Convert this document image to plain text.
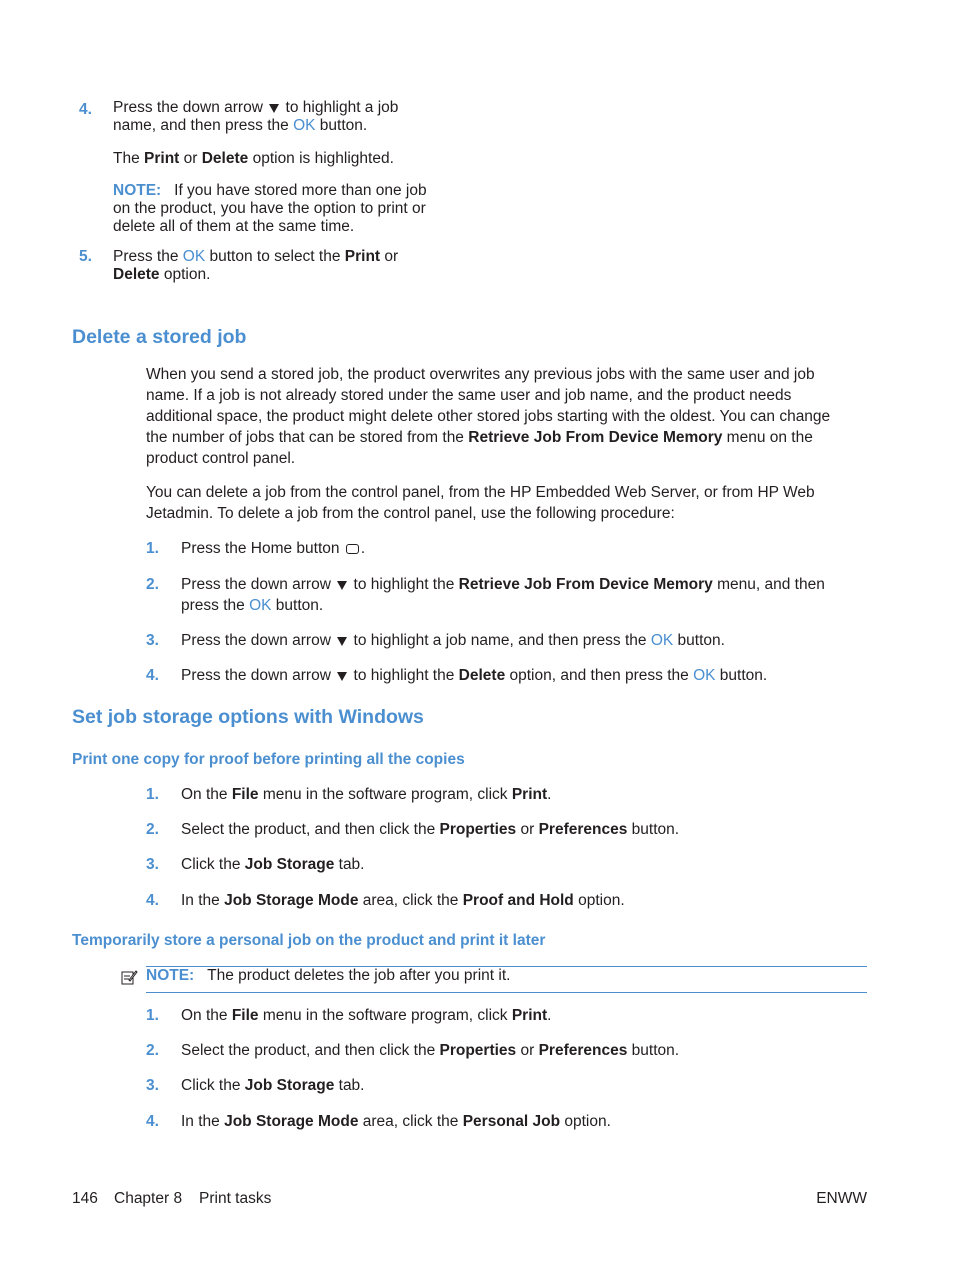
4.	Press the down arrow  to highlight a job
name, and then press the OK button.
The Print or Delete option is highlighted.
NOTE: If you have stored more than one job
on the product, you have the option to print or
delete all of them at the same time.
5.	Press the OK button to select the Print or
Delete option.
Delete a stored job
When you send a stored job, the product overwrites any previous jobs with the same user and job
name. If a job is not already stored under the same user and job name, and the product needs
additional space, the product might delete other stored jobs starting with the oldest. You can change
the number of jobs that can be stored from the Retrieve Job From Device Memory menu on the
product control panel.
You can delete a job from the control panel, from the HP Embedded Web Server, or from HP Web
Jetadmin. To delete a job from the control panel, use the following procedure:
1.	Press the Home button .
2.	Press the down arrow  to highlight the Retrieve Job From Device Memory menu, and then
press the OK button.
3.	Press the down arrow  to highlight a job name, and then press the OK button.
4.	Press the down arrow  to highlight the Delete option, and then press the OK button.
Set job storage options with Windows
Print one copy for proof before printing all the copies
1.	On the File menu in the software program, click Print.
2.	Select the product, and then click the Properties or Preferences button.
3.	Click the Job Storage tab.
4.	In the Job Storage Mode area, click the Proof and Hold option.
Temporarily store a personal job on the product and print it later
NOTE: The product deletes the job after you print it.
1.	On the File menu in the software program, click Print.
2.	Select the product, and then click the Properties or Preferences button.
3.	Click the Job Storage tab.
4.	In the Job Storage Mode area, click the Personal Job option.
146 Chapter 8 Print tasks	ENWW
